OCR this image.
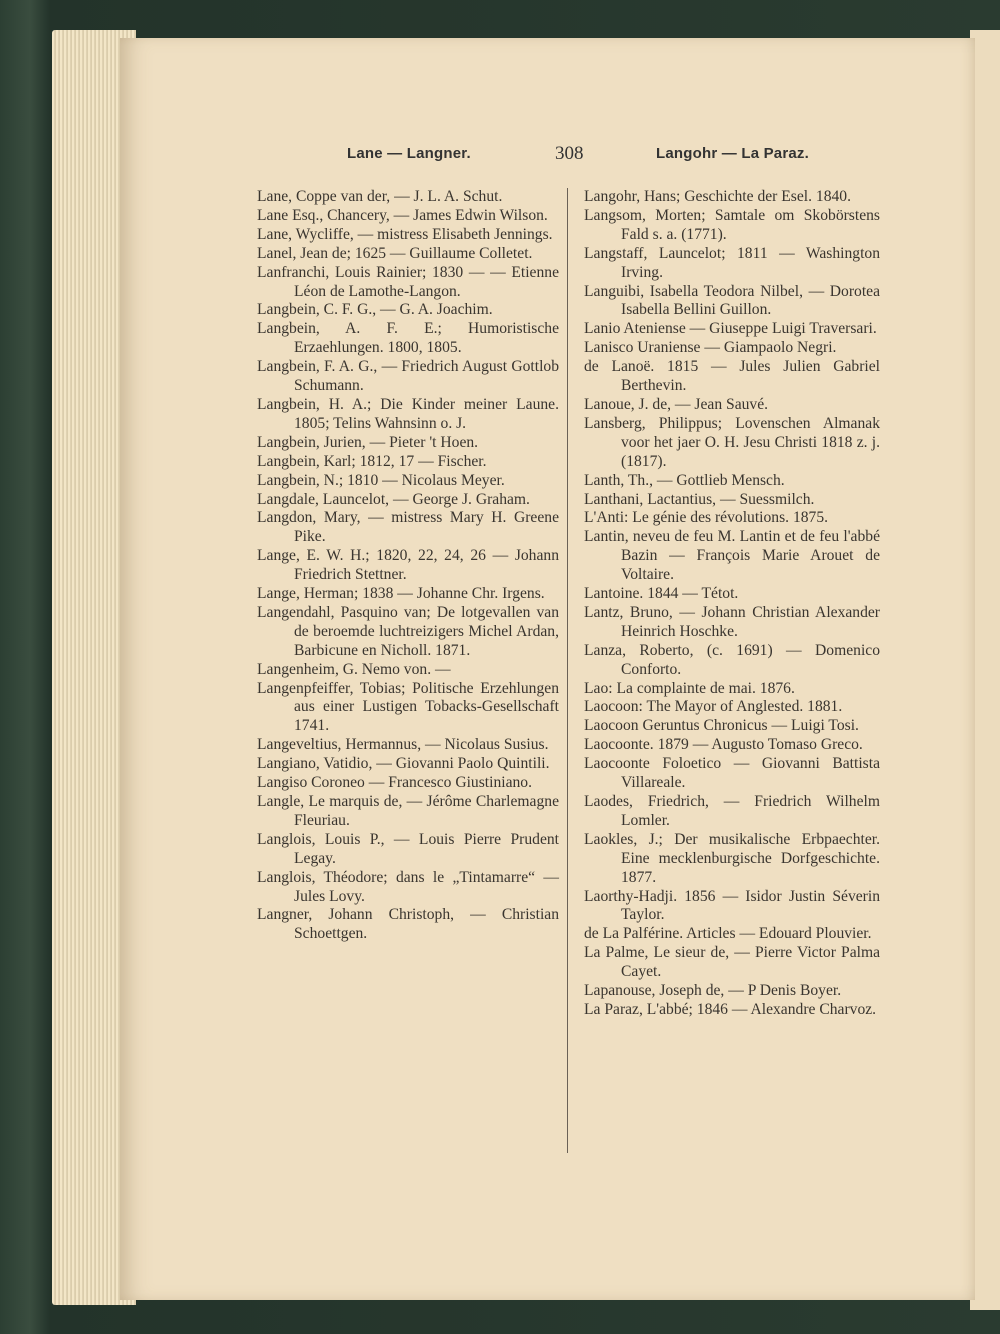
Lane — Langner.	308	Langohr — La Paraz.

Lane, Coppe van der, — J. L. A. Schut.

Lane Esq., Chancery, — James Edwin Wilson.

Lane, Wycliffe, — mistress Elisabeth Jennings.

Lanel, Jean de; 1625 — Guillaume Colletet.

Lanfranchi, Louis Rainier; 1830 — — Etienne Léon de Lamothe-Langon.

Langbein, C. F. G., — G. A. Joachim.

Langbein, A. F. E.; Humoristische Erzaehlungen. 1800, 1805.

Langbein, F. A. G., — Friedrich August Gottlob Schumann.

Langbein, H. A.; Die Kinder meiner Laune. 1805; Telins Wahnsinn o. J.

Langbein, Jurien, — Pieter 't Hoen.

Langbein, Karl; 1812, 17 — Fischer.

Langbein, N.; 1810 — Nicolaus Meyer.

Langdale, Launcelot, — George J. Graham.

Langdon, Mary, — mistress Mary H. Greene Pike.

Lange, E. W. H.; 1820, 22, 24, 26 — Johann Friedrich Stettner.

Lange, Herman; 1838 — Johanne Chr. Irgens.

Langendahl, Pasquino van; De lotgevallen van de beroemde luchtreizigers Michel Ardan, Barbicune en Nicholl. 1871.

Langenheim, G. Nemo von. —

Langenpfeiffer, Tobias; Politische Erzehlungen aus einer Lustigen Tobacks-Gesellschaft 1741.

Langeveltius, Hermannus, — Nicolaus Susius.

Langiano, Vatidio, — Giovanni Paolo Quintili.

Langiso Coroneo — Francesco Giustiniano.

Langle, Le marquis de, — Jérôme Charlemagne Fleuriau.

Langlois, Louis P., — Louis Pierre Prudent Legay.

Langlois, Théodore; dans le „Tintamarre“ — Jules Lovy.

Langner, Johann Christoph, — Christian Schoettgen.

Langohr, Hans; Geschichte der Esel. 1840.

Langsom, Morten; Samtale om Skobörstens Fald s. a. (1771).

Langstaff, Launcelot; 1811 — Washington Irving.

Languibi, Isabella Teodora Nilbel, — Dorotea Isabella Bellini Guillon.

Lanio Ateniense — Giuseppe Luigi Traversari.

Lanisco Uraniense — Giampaolo Negri.

de Lanoë. 1815 — Jules Julien Gabriel Berthevin.

Lanoue, J. de, — Jean Sauvé.

Lansberg, Philippus; Lovenschen Almanak voor het jaer O. H. Jesu Christi 1818 z. j. (1817).

Lanth, Th., — Gottlieb Mensch.

Lanthani, Lactantius, — Suessmilch.

L'Anti: Le génie des révolutions. 1875.

Lantin, neveu de feu M. Lantin et de feu l'abbé Bazin — François Marie Arouet de Voltaire.

Lantoine. 1844 — Tétot.

Lantz, Bruno, — Johann Christian Alexander Heinrich Hoschke.

Lanza, Roberto, (c. 1691) — Domenico Conforto.

Lao: La complainte de mai. 1876.

Laocoon: The Mayor of Anglested. 1881.

Laocoon Geruntus Chronicus — Luigi Tosi.

Laocoonte. 1879 — Augusto Tomaso Greco.

Laocoonte Foloetico — Giovanni Battista Villareale.

Laodes, Friedrich, — Friedrich Wilhelm Lomler.

Laokles, J.; Der musikalische Erbpaechter. Eine mecklenburgische Dorfgeschichte. 1877.

Laorthy-Hadji. 1856 — Isidor Justin Séverin Taylor.

de La Palférine. Articles — Edouard Plouvier.

La Palme, Le sieur de, — Pierre Victor Palma Cayet.

Lapanouse, Joseph de, — P Denis Boyer.

La Paraz, L'abbé; 1846 — Alexandre Charvoz.
